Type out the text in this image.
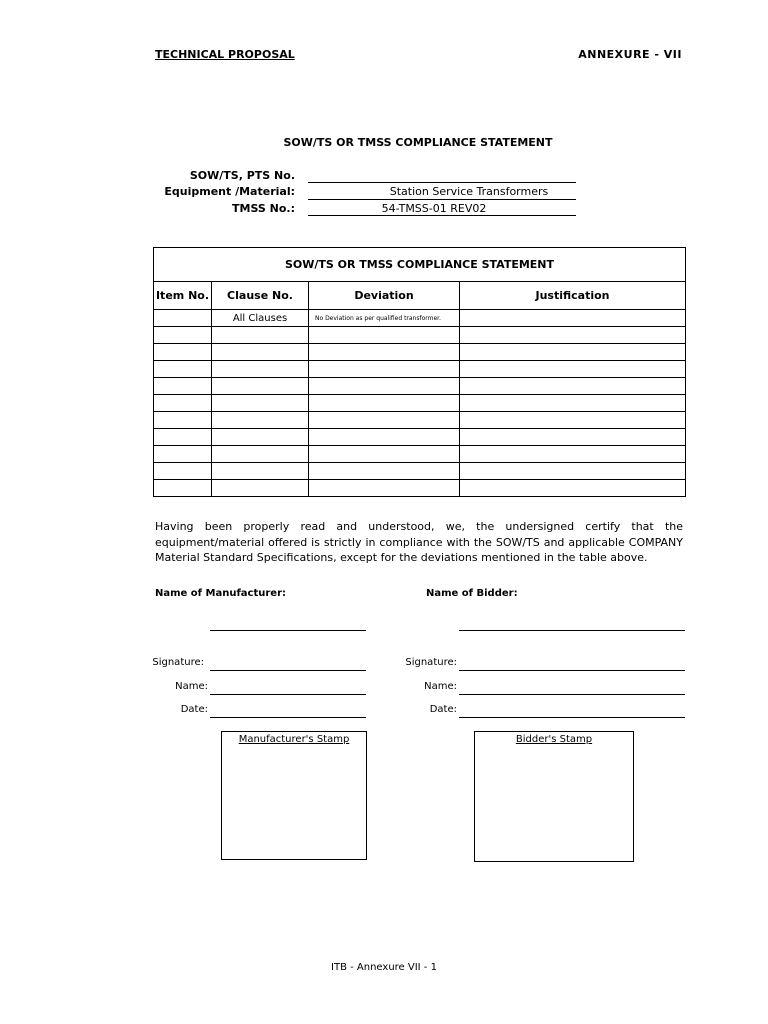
TECHNICAL PROPOSAL	ANNEXURE - VII
SOW/TS OR TMSS COMPLIANCE STATEMENT
SOW/TS, PTS No.
Equipment /Material:	Station Service Transformers
TMSS No.:	54-TMSS-01 REV02
SOW/TS OR TMSS COMPLIANCE STATEMENT			
Item No.	Clause No.	Deviation	Justification
	All Clauses	No Deviation as per qualified transformer.	

Having been properly read and understood, we, the undersigned certify that the equipment/material offered is strictly in compliance with the SOW/TS and applicable COMPANY Material Standard Specifications, except for the deviations mentioned in the table above.
Name of Manufacturer:
Signature:
Name:
Date:
Manufacturer's Stamp
Name of Bidder:
Signature:
Name:
Date:
Bidder's Stamp
ITB - Annexure VII - 1
